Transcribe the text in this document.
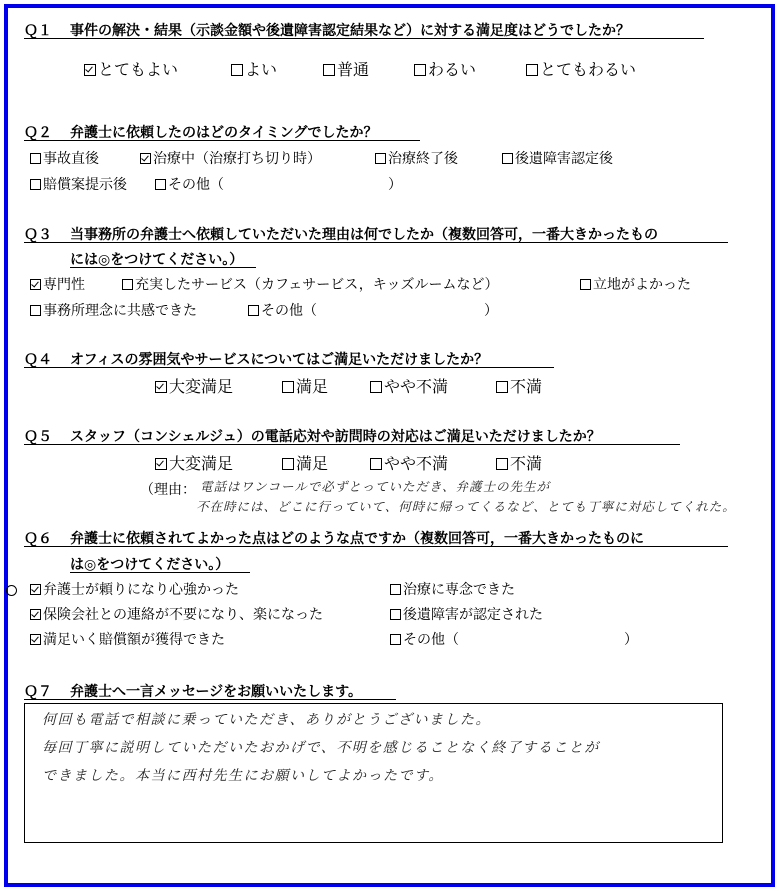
Ｑ１ 事件の解決・結果（示談金額や後遺障害認定結果など）に対する満足度はどうでしたか？
とてもよい	よい	普通	わるい	とてもわるい
Ｑ２ 弁護士に依頼したのはどのタイミングでしたか？
事故直後	治療中（治療打ち切り時）	治療終了後	後遺障害認定後
賠償案提示後	その他（	）
Ｑ３ 当事務所の弁護士へ依頼していただいた理由は何でしたか（複数回答可，一番大きかったもの
には◎をつけてください。）
専門性	充実したサービス（カフェサービス，キッズルームなど）	立地がよかった
事務所理念に共感できた	その他（	）
Ｑ４ オフィスの雰囲気やサービスについてはご満足いただけましたか？
大変満足	満足	やや不満	不満
Ｑ５ スタッフ（コンシェルジュ）の電話応対や訪問時の対応はご満足いただけましたか？
大変満足	満足	やや不満	不満
（理由： 電話はワンコールで必ずとっていただき、弁護士の先生が
不在時には、どこに行っていて、何時に帰ってくるなど、とても丁寧に対応してくれた。
Ｑ６ 弁護士に依頼されてよかった点はどのような点ですか（複数回答可，一番大きかったものに
は◎をつけてください。）
弁護士が頼りになり心強かった	治療に専念できた
保険会社との連絡が不要になり、楽になった	後遺障害が認定された
満足いく賠償額が獲得できた	その他（	）
Ｑ７ 弁護士へ一言メッセージをお願いいたします。
何回も電話で相談に乗っていただき、ありがとうございました。
毎回丁寧に説明していただいたおかげで、不明を感じることなく終了することが
できました。本当に西村先生にお願いしてよかったです。
